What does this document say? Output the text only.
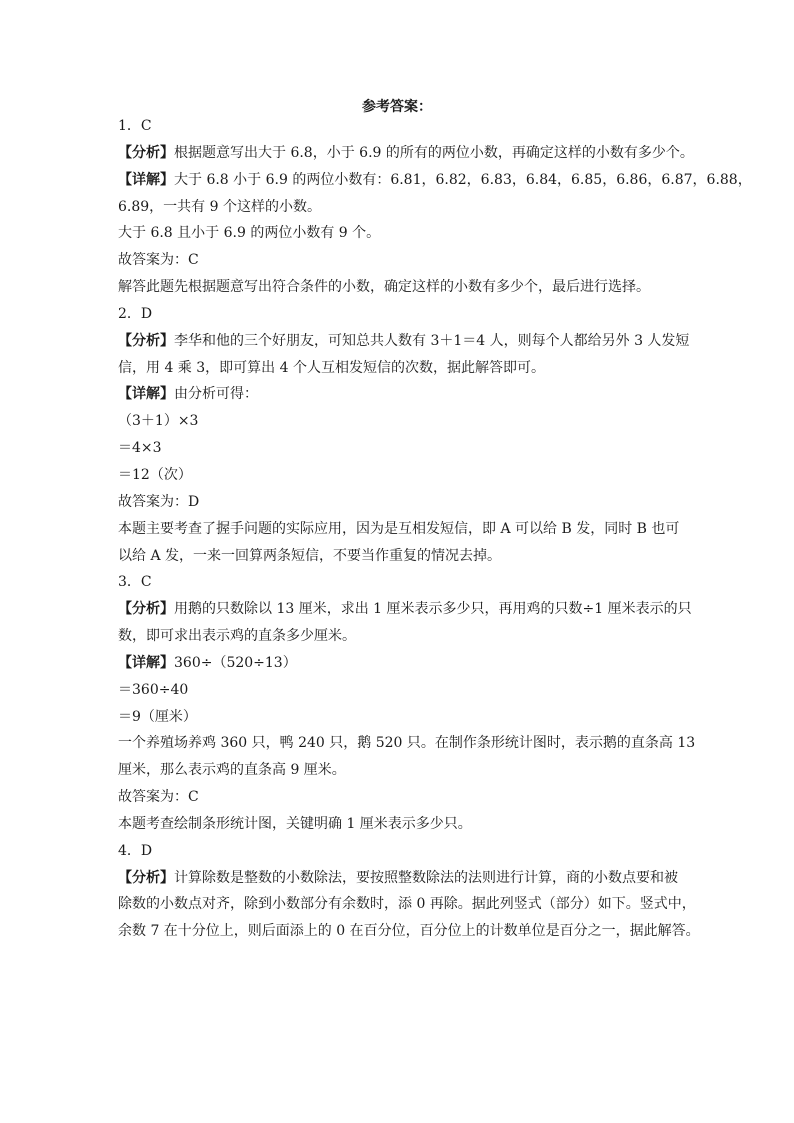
参考答案：
1．C
【分析】根据题意写出大于 6.8，小于 6.9 的所有的两位小数，再确定这样的小数有多少个。
【详解】大于 6.8 小于 6.9 的两位小数有：6.81，6.82，6.83，6.84，6.85，6.86，6.87，6.88，
6.89，一共有 9 个这样的小数。
大于 6.8 且小于 6.9 的两位小数有 9 个。
故答案为：C
解答此题先根据题意写出符合条件的小数，确定这样的小数有多少个，最后进行选择。
2．D
【分析】李华和他的三个好朋友，可知总共人数有 3＋1＝4 人，则每个人都给另外 3 人发短
信，用 4 乘 3，即可算出 4 个人互相发短信的次数，据此解答即可。
【详解】由分析可得：
（3＋1）×3
＝4×3
＝12（次）
故答案为：D
本题主要考查了握手问题的实际应用，因为是互相发短信，即 A 可以给 B 发，同时 B 也可
以给 A 发，一来一回算两条短信，不要当作重复的情况去掉。
3．C
【分析】用鹅的只数除以 13 厘米，求出 1 厘米表示多少只，再用鸡的只数÷1 厘米表示的只
数，即可求出表示鸡的直条多少厘米。
【详解】360÷（520÷13）
＝360÷40
＝9（厘米）
一个养殖场养鸡 360 只，鸭 240 只，鹅 520 只。在制作条形统计图时，表示鹅的直条高 13
厘米，那么表示鸡的直条高 9 厘米。
故答案为：C
本题考查绘制条形统计图，关键明确 1 厘米表示多少只。
4．D
【分析】计算除数是整数的小数除法，要按照整数除法的法则进行计算，商的小数点要和被
除数的小数点对齐，除到小数部分有余数时，添 0 再除。据此列竖式（部分）如下。竖式中，
余数 7 在十分位上，则后面添上的 0 在百分位，百分位上的计数单位是百分之一，据此解答。
